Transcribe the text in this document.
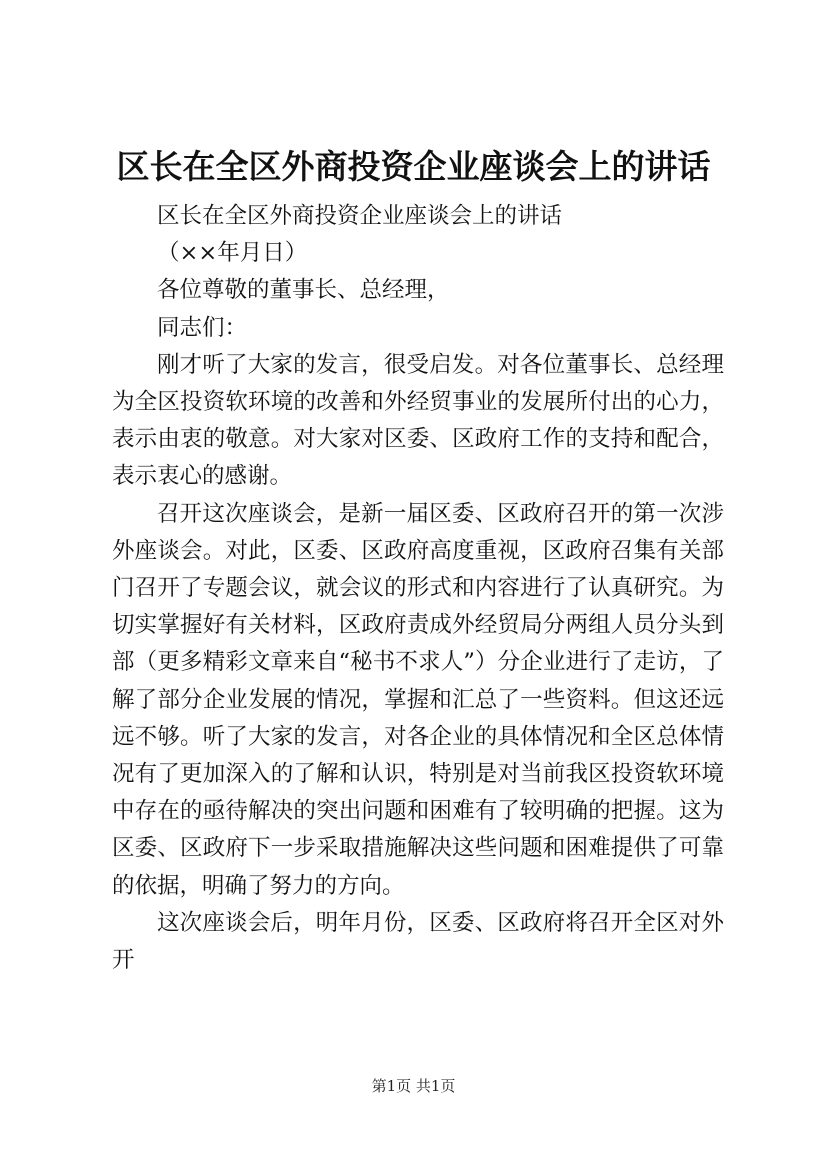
区长在全区外商投资企业座谈会上的讲话

区长在全区外商投资企业座谈会上的讲话

（××年月日）

各位尊敬的董事长、总经理，

同志们：

刚才听了大家的发言，很受启发。对各位董事长、总经理为全区投资软环境的改善和外经贸事业的发展所付出的心力，表示由衷的敬意。对大家对区委、区政府工作的支持和配合，表示衷心的感谢。

召开这次座谈会，是新一届区委、区政府召开的第一次涉外座谈会。对此，区委、区政府高度重视，区政府召集有关部门召开了专题会议，就会议的形式和内容进行了认真研究。为切实掌握好有关材料，区政府责成外经贸局分两组人员分头到部（更多精彩文章来自“秘书不求人”）分企业进行了走访，了解了部分企业发展的情况，掌握和汇总了一些资料。但这还远远不够。听了大家的发言，对各企业的具体情况和全区总体情况有了更加深入的了解和认识，特别是对当前我区投资软环境中存在的亟待解决的突出问题和困难有了较明确的把握。这为区委、区政府下一步采取措施解决这些问题和困难提供了可靠的依据，明确了努力的方向。

这次座谈会后，明年月份，区委、区政府将召开全区对外开

第1页 共1页
